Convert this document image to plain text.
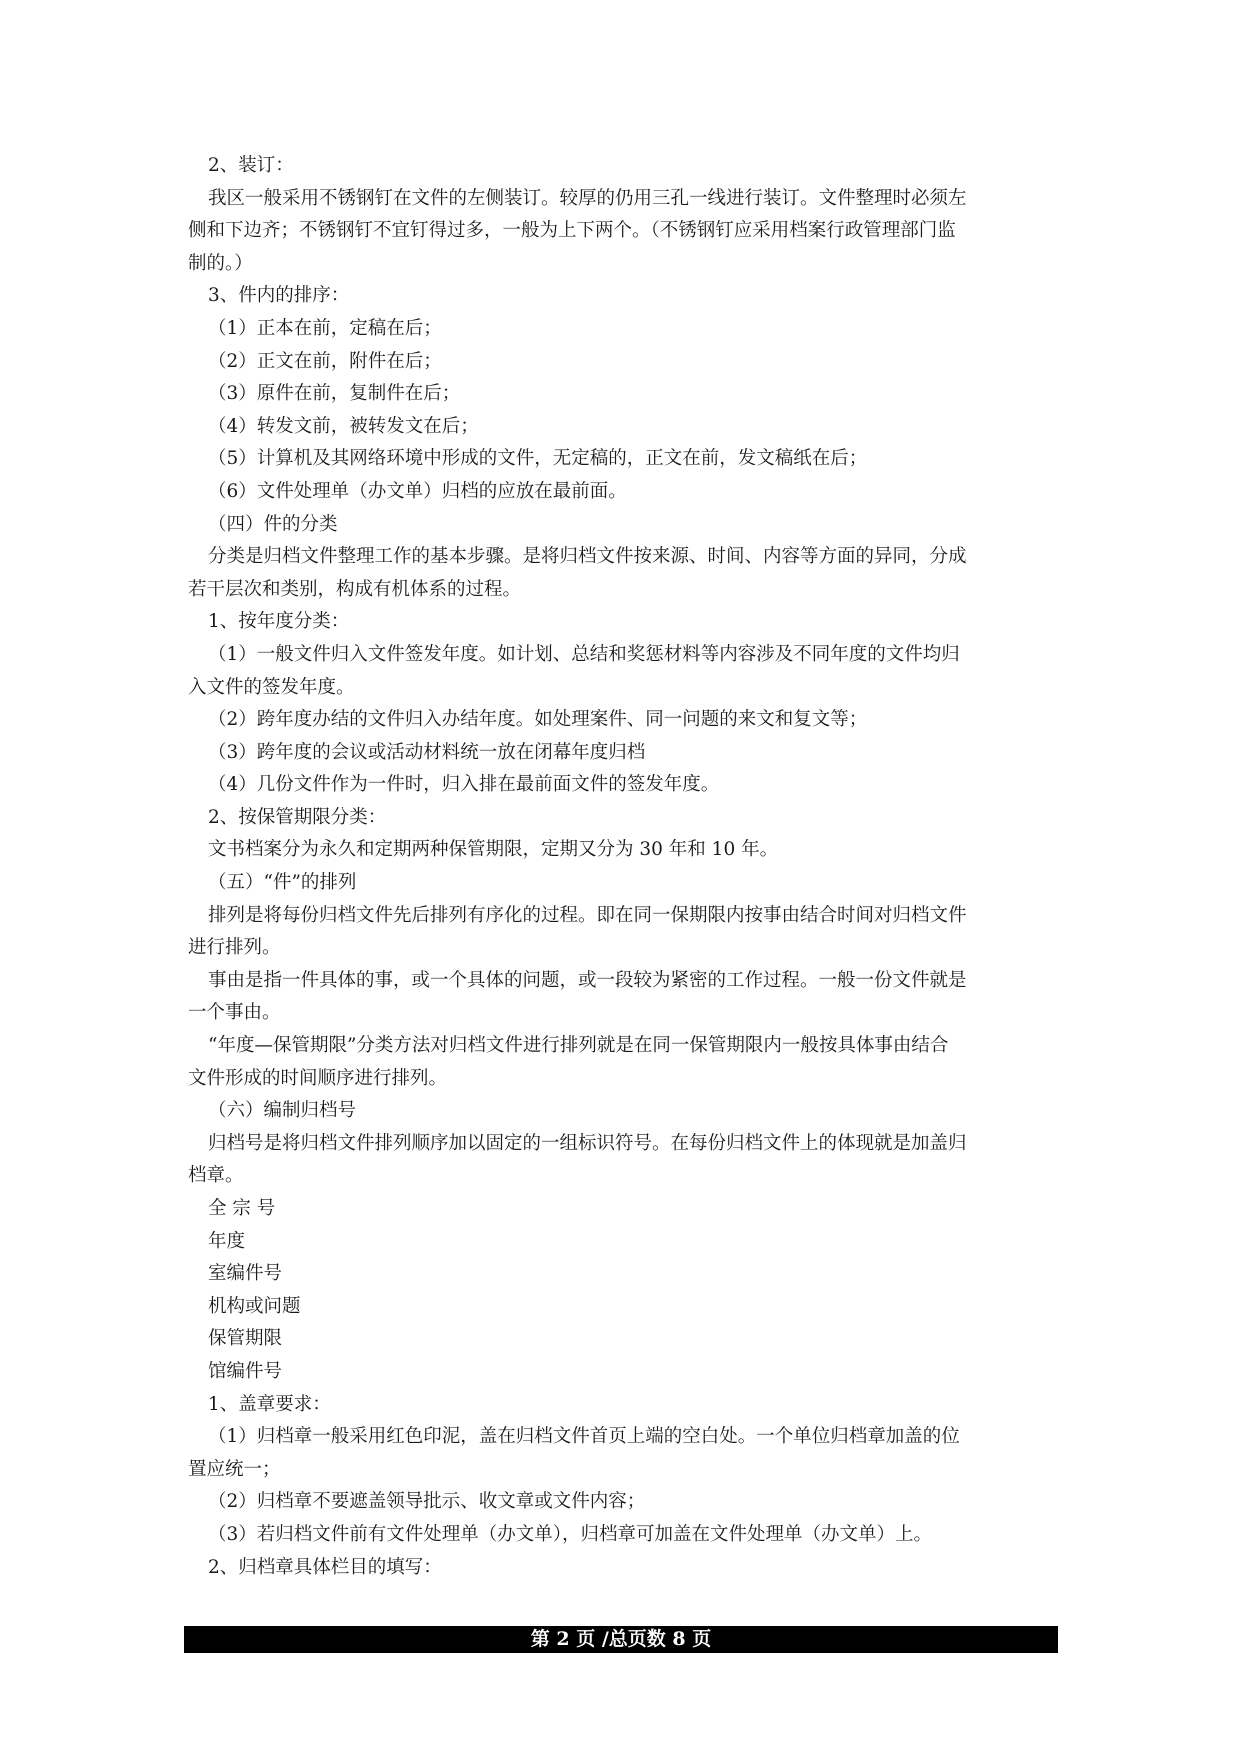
2、装订：
我区一般采用不锈钢钉在文件的左侧装订。较厚的仍用三孔一线进行装订。文件整理时必须左
侧和下边齐；不锈钢钉不宜钉得过多，一般为上下两个。（不锈钢钉应采用档案行政管理部门监
制的。）
3、件内的排序：
（1）正本在前，定稿在后；
（2）正文在前，附件在后；
（3）原件在前，复制件在后；
（4）转发文前，被转发文在后；
（5）计算机及其网络环境中形成的文件，无定稿的，正文在前，发文稿纸在后；
（6）文件处理单（办文单）归档的应放在最前面。
（四）件的分类
分类是归档文件整理工作的基本步骤。是将归档文件按来源、时间、内容等方面的异同，分成
若干层次和类别，构成有机体系的过程。
1、按年度分类：
（1）一般文件归入文件签发年度。如计划、总结和奖惩材料等内容涉及不同年度的文件均归
入文件的签发年度。
（2）跨年度办结的文件归入办结年度。如处理案件、同一问题的来文和复文等；
（3）跨年度的会议或活动材料统一放在闭幕年度归档
（4）几份文件作为一件时，归入排在最前面文件的签发年度。
2、按保管期限分类：
文书档案分为永久和定期两种保管期限，定期又分为 30 年和 10 年。
（五）“件”的排列
排列是将每份归档文件先后排列有序化的过程。即在同一保期限内按事由结合时间对归档文件
进行排列。
事由是指一件具体的事，或一个具体的问题，或一段较为紧密的工作过程。一般一份文件就是
一个事由。
“年度—保管期限”分类方法对归档文件进行排列就是在同一保管期限内一般按具体事由结合
文件形成的时间顺序进行排列。
（六）编制归档号
归档号是将归档文件排列顺序加以固定的一组标识符号。在每份归档文件上的体现就是加盖归
档章。
全 宗 号
年度
室编件号
机构或问题
保管期限
馆编件号
1、盖章要求：
（1）归档章一般采用红色印泥，盖在归档文件首页上端的空白处。一个单位归档章加盖的位
置应统一；
（2）归档章不要遮盖领导批示、收文章或文件内容；
（3）若归档文件前有文件处理单（办文单），归档章可加盖在文件处理单（办文单）上。
2、归档章具体栏目的填写：
第 2 页 /总页数 8 页
